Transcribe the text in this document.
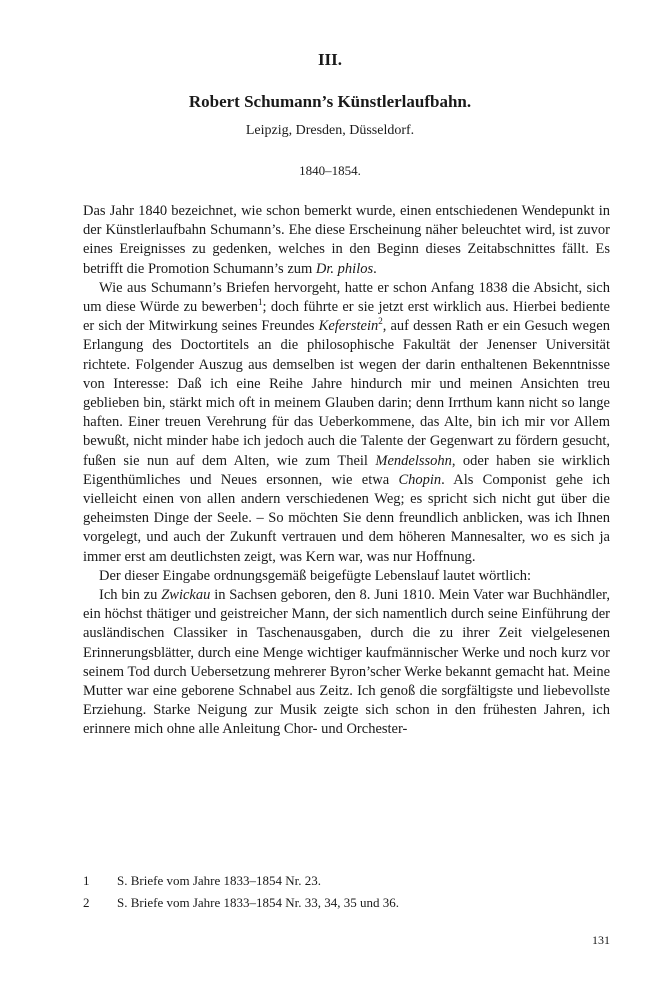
III.
Robert Schumann’s Künstlerlaufbahn.
Leipzig, Dresden, Düsseldorf.
1840–1854.

Das Jahr 1840 bezeichnet, wie schon bemerkt wurde, einen entschiedenen Wendepunkt in der Künstlerlaufbahn Schumann’s. Ehe diese Erscheinung näher beleuchtet wird, ist zuvor eines Ereignisses zu gedenken, welches in den Beginn dieses Zeitabschnittes fällt. Es betrifft die Promotion Schumann’s zum Dr. philos.

Wie aus Schumann’s Briefen hervorgeht, hatte er schon Anfang 1838 die Absicht, sich um diese Würde zu bewerben$^1$; doch führte er sie jetzt erst wirklich aus. Hierbei bediente er sich der Mitwirkung seines Freundes Keferstein$^2$, auf dessen Rath er ein Gesuch wegen Erlangung des Doctortitels an die philosophische Fakultät der Jenenser Universität richtete. Folgender Auszug aus demselben ist wegen der darin enthaltenen Bekenntnisse von Interesse: Daß ich eine Reihe Jahre hindurch mir und meinen Ansichten treu geblieben bin, stärkt mich oft in meinem Glauben darin; denn Irrthum kann nicht so lange haften. Einer treuen Verehrung für das Ueberkommene, das Alte, bin ich mir vor Allem bewußt, nicht minder habe ich jedoch auch die Talente der Gegenwart zu fördern gesucht, fußen sie nun auf dem Alten, wie zum Theil Mendelssohn, oder haben sie wirklich Eigenthümliches und Neues ersonnen, wie etwa Chopin. Als Componist gehe ich vielleicht einen von allen andern verschiedenen Weg; es spricht sich nicht gut über die geheimsten Dinge der Seele. – So möchten Sie denn freundlich anblicken, was ich Ihnen vorgelegt, und auch der Zukunft vertrauen und dem höheren Mannesalter, wo es sich ja immer erst am deutlichsten zeigt, was Kern war, was nur Hoffnung.

Der dieser Eingabe ordnungsgemäß beigefügte Lebenslauf lautet wörtlich:

Ich bin zu Zwickau in Sachsen geboren, den 8. Juni 1810. Mein Vater war Buchhändler, ein höchst thätiger und geistreicher Mann, der sich namentlich durch seine Einführung der ausländischen Classiker in Taschenausgaben, durch die zu ihrer Zeit vielgelesenen Erinnerungsblätter, durch eine Menge wichtiger kaufmännischer Werke und noch kurz vor seinem Tod durch Uebersetzung mehrerer Byron’scher Werke bekannt gemacht hat. Meine Mutter war eine geborene Schnabel aus Zeitz. Ich genoß die sorgfältigste und liebevollste Erziehung. Starke Neigung zur Musik zeigte sich schon in den frühesten Jahren, ich erinnere mich ohne alle Anleitung Chor- und Orchester-

1 S. Briefe vom Jahre 1833–1854 Nr. 23.
2 S. Briefe vom Jahre 1833–1854 Nr. 33, 34, 35 und 36.
131
